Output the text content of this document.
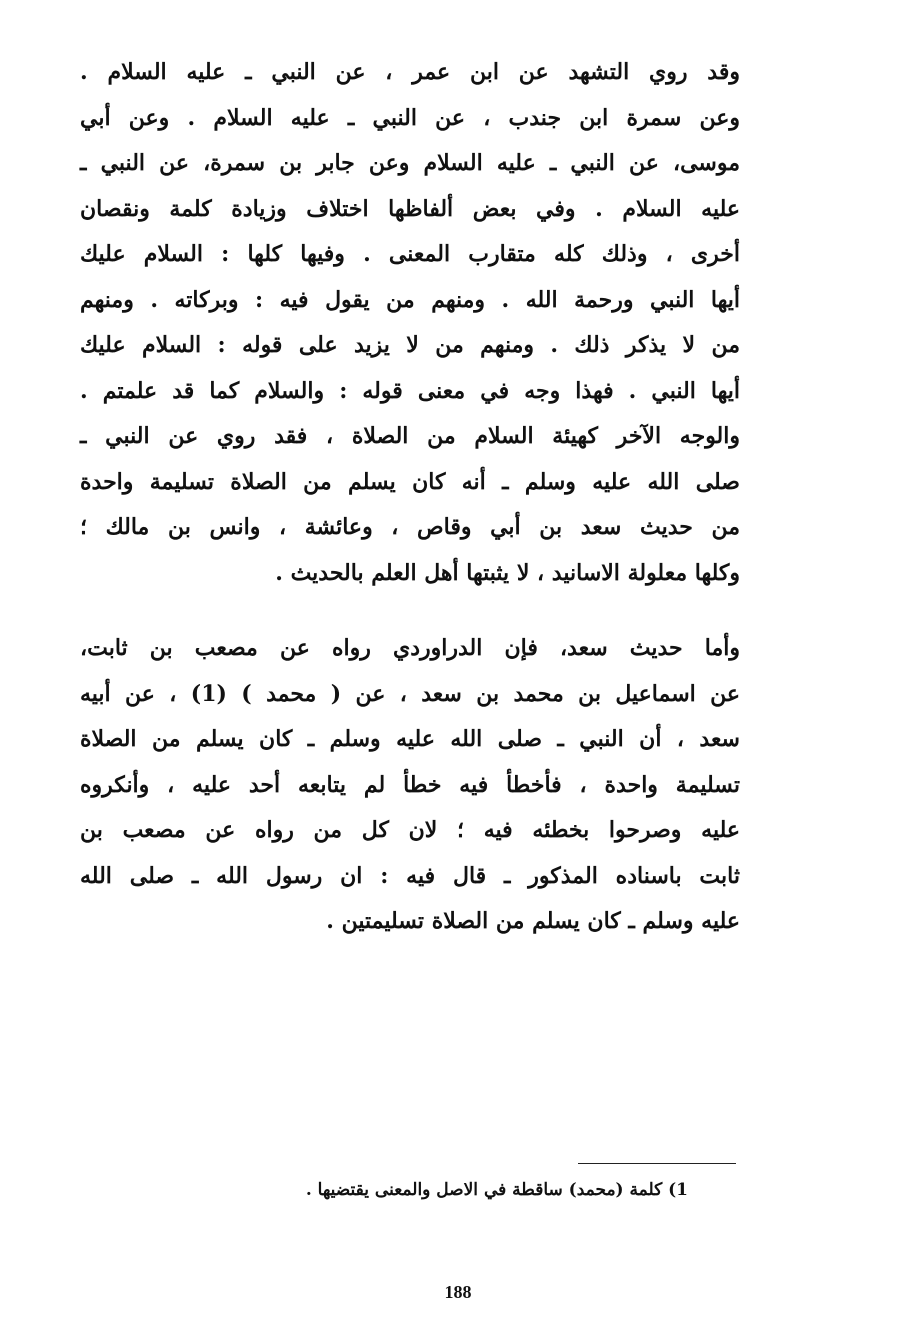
وقد روي التشهد عن ابن عمر ، عن النبي ـ عليه السلام .
وعن سمرة ابن جندب ، عن النبي ـ عليه السلام . وعن أبي
موسى، عن النبي ـ عليه السلام وعن جابر بن سمرة، عن النبي ـ
عليه السلام . وفي بعض ألفاظها اختلاف وزيادة كلمة ونقصان
أخرى ، وذلك كله متقارب المعنى . وفيها كلها : السلام عليك
أيها النبي ورحمة الله . ومنهم من يقول فيه : وبركاته . ومنهم
من لا يذكر ذلك . ومنهم من لا يزيد على قوله : السلام عليك
أيها النبي . فهذا وجه في معنى قوله : والسلام كما قد علمتم .
والوجه الآخر كهيئة السلام من الصلاة ، فقد روي عن النبي ـ
صلى الله عليه وسلم ـ أنه كان يسلم من الصلاة تسليمة واحدة
من حديث سعد بن أبي وقاص ، وعائشة ، وانس بن مالك ؛
وكلها معلولة الاسانيد ، لا يثبتها أهل العلم بالحديث .
وأما حديث سعد، فإن الدراوردي رواه عن مصعب بن ثابت،
عن اسماعيل بن محمد بن سعد ، عن ( محمد ) (1) ، عن أبيه
سعد ، أن النبي ـ صلى الله عليه وسلم ـ كان يسلم من الصلاة
تسليمة واحدة ، فأخطأ فيه خطأ لم يتابعه أحد عليه ، وأنكروه
عليه وصرحوا بخطئه فيه ؛ لان كل من رواه عن مصعب بن
ثابت باسناده المذكور ـ قال فيه : ان رسول الله ـ صلى الله
عليه وسلم ـ كان يسلم من الصلاة تسليمتين .
1) كلمة (محمد) ساقطة في الاصل والمعنى يقتضيها .
188
